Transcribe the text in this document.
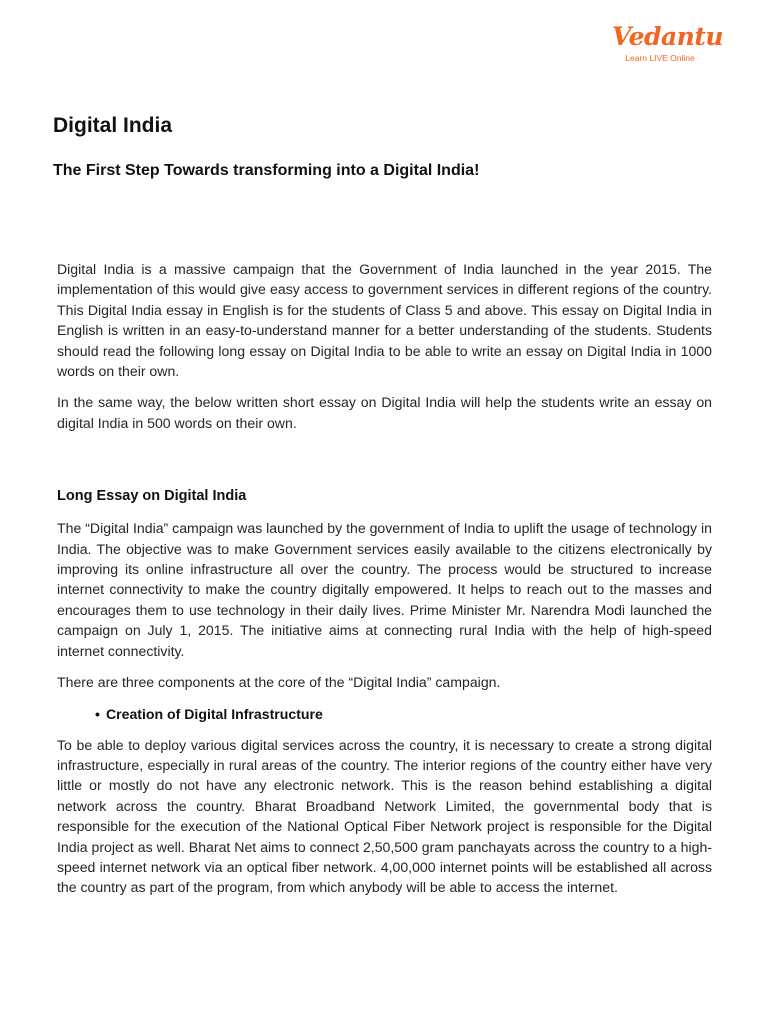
Vedantu
Learn LIVE Online
Digital India
The First Step Towards transforming into a Digital India!

Digital India is a massive campaign that the Government of India launched in the year 2015. The implementation of this would give easy access to government services in different regions of the country. This Digital India essay in English is for the students of Class 5 and above. This essay on Digital India in English is written in an easy-to-understand manner for a better understanding of the students. Students should read the following long essay on Digital India to be able to write an essay on Digital India in 1000 words on their own.

In the same way, the below written short essay on Digital India will help the students write an essay on digital India in 500 words on their own.

Long Essay on Digital India

The “Digital India” campaign was launched by the government of India to uplift the usage of technology in India. The objective was to make Government services easily available to the citizens electronically by improving its online infrastructure all over the country. The process would be structured to increase internet connectivity to make the country digitally empowered. It helps to reach out to the masses and encourages them to use technology in their daily lives. Prime Minister Mr. Narendra Modi launched the campaign on July 1, 2015. The initiative aims at connecting rural India with the help of high-speed internet connectivity.

There are three components at the core of the “Digital India” campaign.

• Creation of Digital Infrastructure

To be able to deploy various digital services across the country, it is necessary to create a strong digital infrastructure, especially in rural areas of the country. The interior regions of the country either have very little or mostly do not have any electronic network. This is the reason behind establishing a digital network across the country. Bharat Broadband Network Limited, the governmental body that is responsible for the execution of the National Optical Fiber Network project is responsible for the Digital India project as well. Bharat Net aims to connect 2,50,500 gram panchayats across the country to a high-speed internet network via an optical fiber network. 4,00,000 internet points will be established all across the country as part of the program, from which anybody will be able to access the internet.
